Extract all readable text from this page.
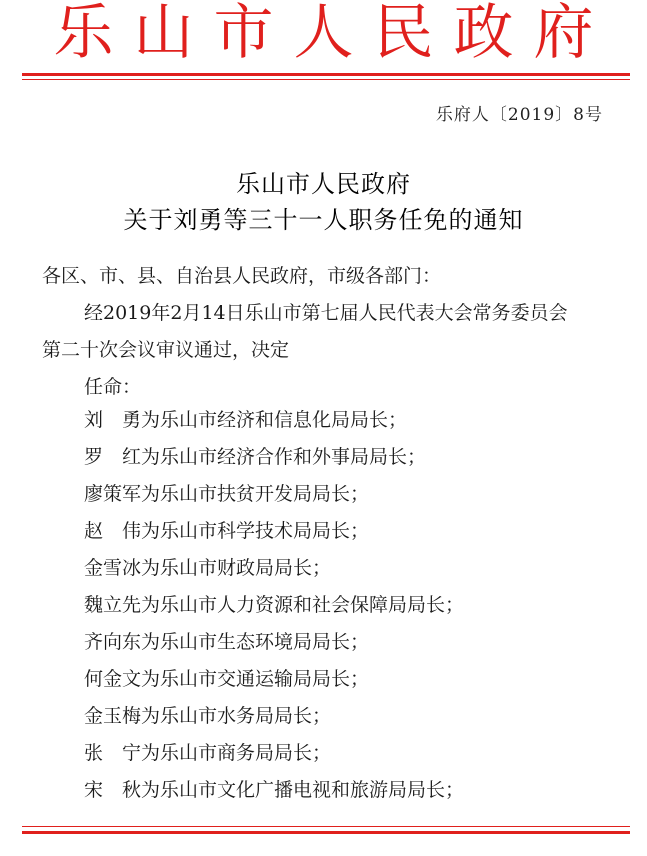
乐山市人民政府
乐府人〔2019〕8号
乐山市人民政府
关于刘勇等三十一人职务任免的通知
各区、市、县、自治县人民政府，市级各部门：
经2019年2月14日乐山市第七届人民代表大会常务委员会
第二十次会议审议通过，决定
任命：
刘　勇为乐山市经济和信息化局局长；
罗　红为乐山市经济合作和外事局局长；
廖策军为乐山市扶贫开发局局长；
赵　伟为乐山市科学技术局局长；
金雪冰为乐山市财政局局长；
魏立先为乐山市人力资源和社会保障局局长；
齐向东为乐山市生态环境局局长；
何金文为乐山市交通运输局局长；
金玉梅为乐山市水务局局长；
张　宁为乐山市商务局局长；
宋　秋为乐山市文化广播电视和旅游局局长；
